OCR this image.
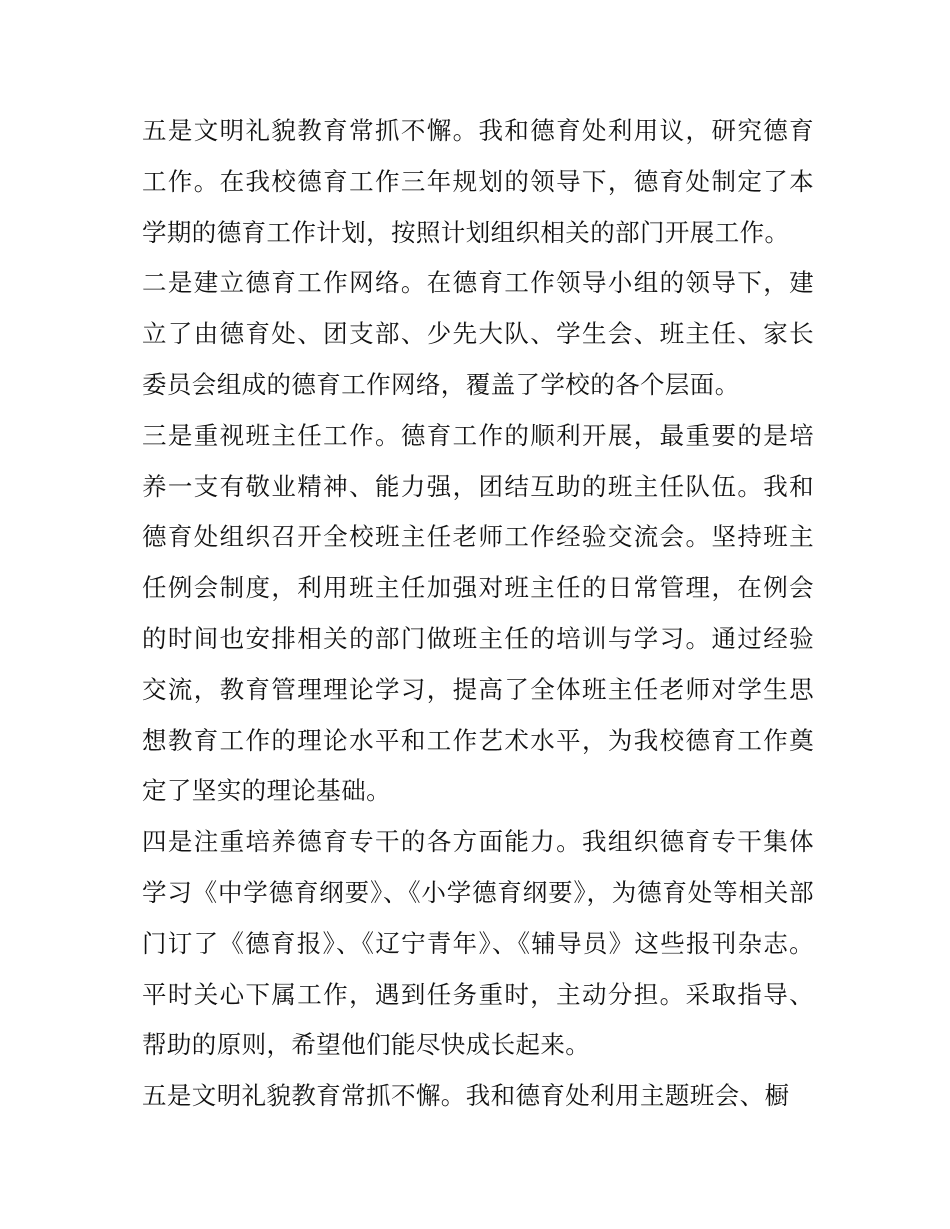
五是文明礼貌教育常抓不懈。我和德育处利用议，研究德育工作。在我校德育工作三年规划的领导下，德育处制定了本学期的德育工作计划，按照计划组织相关的部门开展工作。

二是建立德育工作网络。在德育工作领导小组的领导下，建立了由德育处、团支部、少先大队、学生会、班主任、家长委员会组成的德育工作网络，覆盖了学校的各个层面。

三是重视班主任工作。德育工作的顺利开展，最重要的是培养一支有敬业精神、能力强，团结互助的班主任队伍。我和德育处组织召开全校班主任老师工作经验交流会。坚持班主任例会制度，利用班主任加强对班主任的日常管理，在例会的时间也安排相关的部门做班主任的培训与学习。通过经验交流，教育管理理论学习，提高了全体班主任老师对学生思想教育工作的理论水平和工作艺术水平，为我校德育工作奠定了坚实的理论基础。

四是注重培养德育专干的各方面能力。我组织德育专干集体学习《中学德育纲要》、《小学德育纲要》，为德育处等相关部门订了《德育报》、《辽宁青年》、《辅导员》这些报刊杂志。平时关心下属工作，遇到任务重时，主动分担。采取指导、帮助的原则，希望他们能尽快成长起来。

五是文明礼貌教育常抓不懈。我和德育处利用主题班会、橱
